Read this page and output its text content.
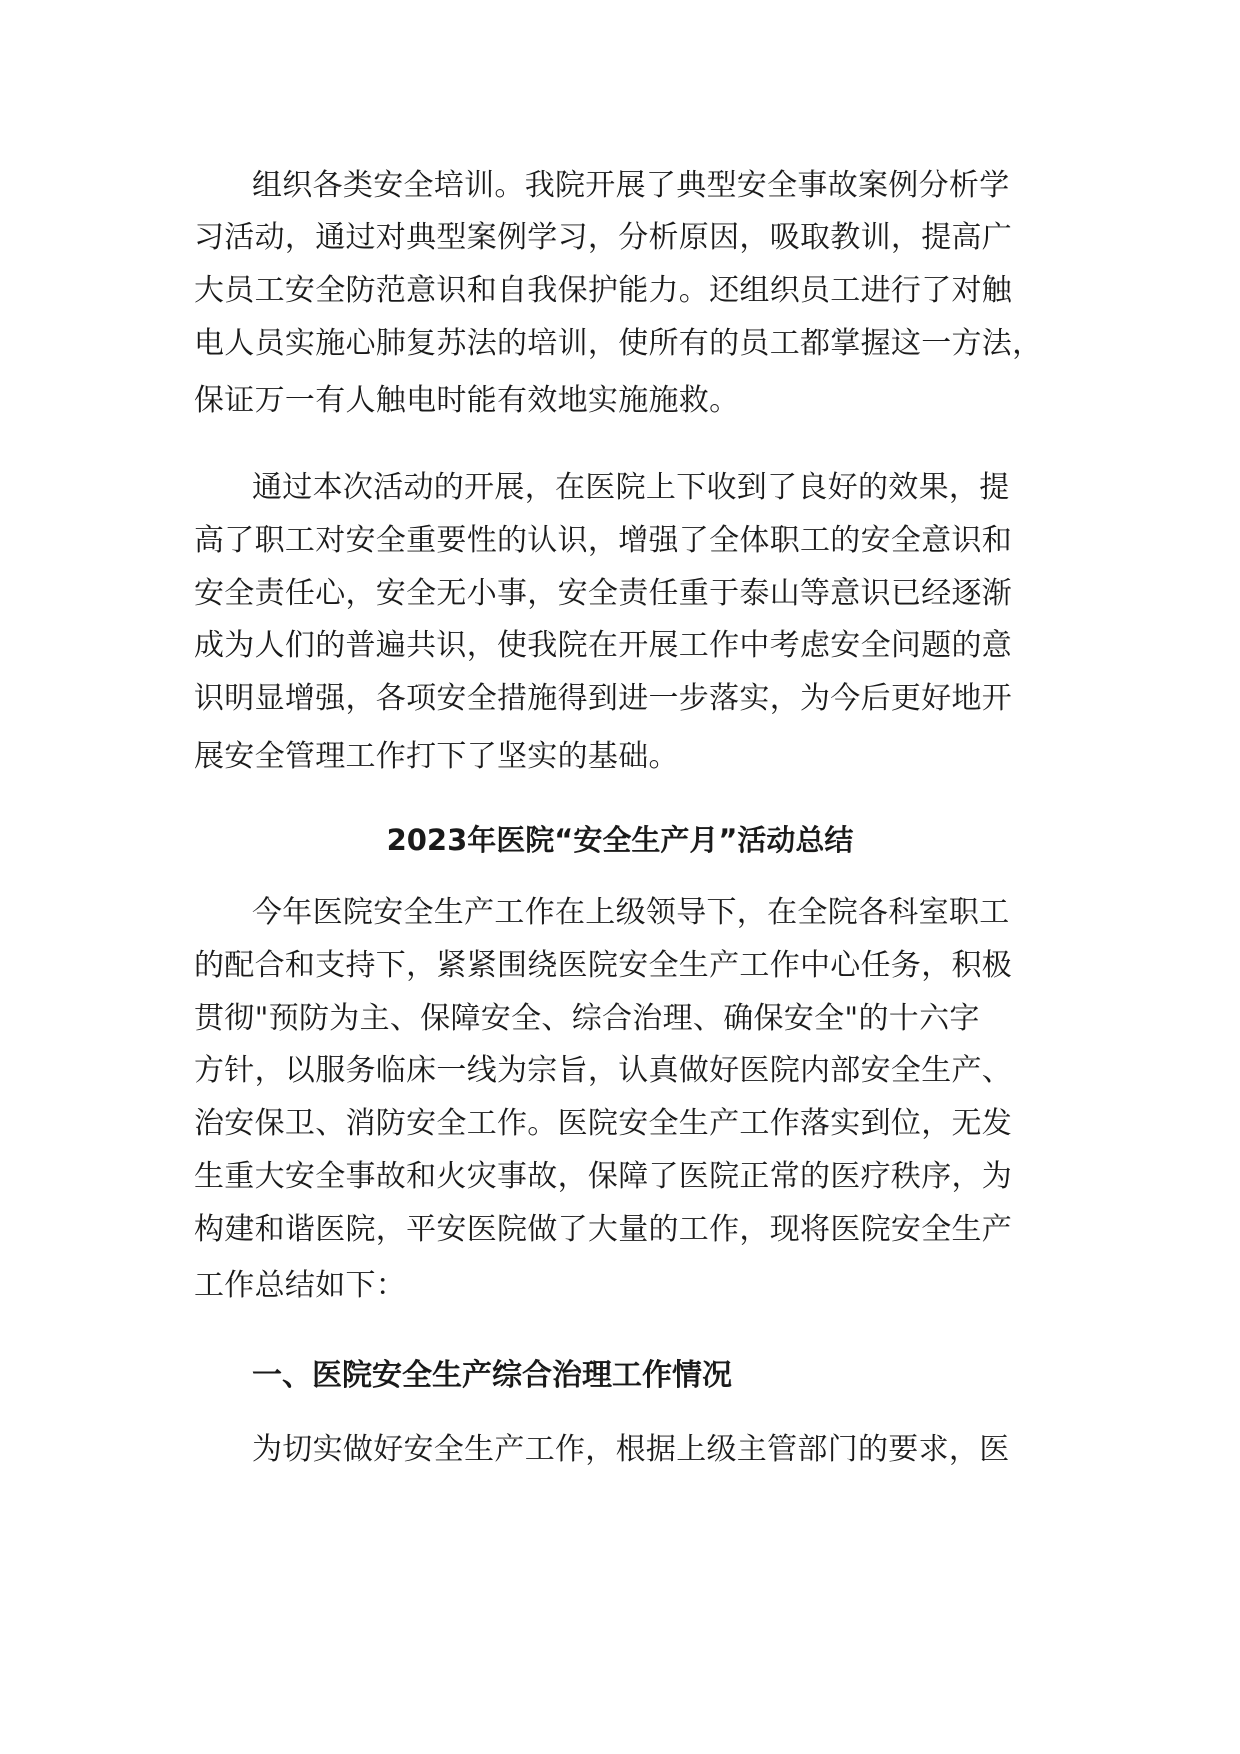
组织各类安全培训。我院开展了典型安全事故案例分析学
习活动，通过对典型案例学习，分析原因，吸取教训，提高广
大员工安全防范意识和自我保护能力。还组织员工进行了对触
电人员实施心肺复苏法的培训，使所有的员工都掌握这一方法，
保证万一有人触电时能有效地实施施救。
通过本次活动的开展，在医院上下收到了良好的效果，提
高了职工对安全重要性的认识，增强了全体职工的安全意识和
安全责任心，安全无小事，安全责任重于泰山等意识已经逐渐
成为人们的普遍共识，使我院在开展工作中考虑安全问题的意
识明显增强，各项安全措施得到进一步落实，为今后更好地开
展安全管理工作打下了坚实的基础。
2023年医院“安全生产月”活动总结
今年医院安全生产工作在上级领导下，在全院各科室职工
的配合和支持下，紧紧围绕医院安全生产工作中心任务，积极
贯彻"预防为主、保障安全、综合治理、确保安全"的十六字
方针，以服务临床一线为宗旨，认真做好医院内部安全生产、
治安保卫、消防安全工作。医院安全生产工作落实到位，无发
生重大安全事故和火灾事故，保障了医院正常的医疗秩序，为
构建和谐医院，平安医院做了大量的工作，现将医院安全生产
工作总结如下：
一、医院安全生产综合治理工作情况
为切实做好安全生产工作，根据上级主管部门的要求，医
